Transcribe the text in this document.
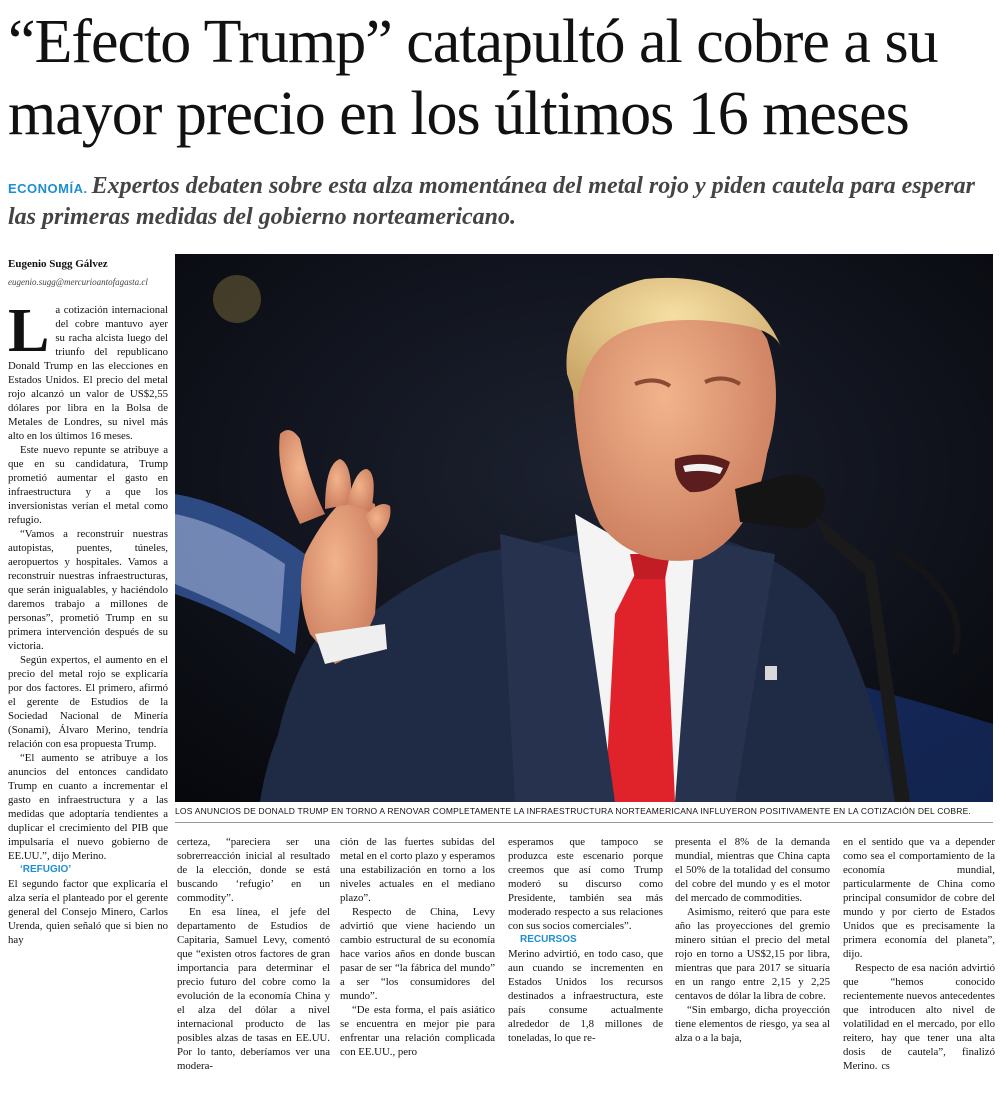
“Efecto Trump” catapultó al cobre a su mayor precio en los últimos 16 meses
ECONOMÍA. Expertos debaten sobre esta alza momentánea del metal rojo y piden cautela para esperar las primeras medidas del gobierno norteamericano.
Eugenio Sugg Gálvez
eugenio.sugg@mercurioantofagasta.cl
LOS ANUNCIOS DE DONALD TRUMP EN TORNO A RENOVAR COMPLETAMENTE LA INFRAESTRUCTURA NORTEAMERICANA INFLUYERON POSITIVAMENTE EN LA COTIZACIÓN DEL COBRE.

La cotización internacional del cobre mantuvo ayer su racha alcista luego del triunfo del republicano Donald Trump en las elecciones en Estados Unidos. El precio del metal rojo alcanzó un valor de US$2,55 dólares por libra en la Bolsa de Metales de Londres, su nivel más alto en los últimos 16 meses.

Este nuevo repunte se atribuye a que en su candidatura, Trump prometió aumentar el gasto en infraestructura y a que los inversionistas verían el metal como refugio.

“Vamos a reconstruir nuestras autopistas, puentes, túneles, aeropuertos y hospitales. Vamos a reconstruir nuestras infraestructuras, que serán inigualables, y haciéndolo daremos trabajo a millones de personas”, prometió Trump en su primera intervención después de su victoria.

Según expertos, el aumento en el precio del metal rojo se explicaría por dos factores. El primero, afirmó el gerente de Estudios de la Sociedad Nacional de Minería (Sonami), Álvaro Merino, tendría relación con esa propuesta Trump.

“El aumento se atribuye a los anuncios del entonces candidato Trump en cuanto a incrementar el gasto en infraestructura y a las medidas que adoptaría tendientes a duplicar el crecimiento del PIB que impulsaría el nuevo gobierno de EE.UU.”, dijo Merino.

‘REFUGIO’

El segundo factor que explicaría el alza sería el planteado por el gerente general del Consejo Minero, Carlos Urenda, quien señaló que si bien no hay

certeza, “pareciera ser una sobrerreacción inicial al resultado de la elección, donde se está buscando ‘refugio’ en un commodity”.

En esa línea, el jefe del departamento de Estudios de Capitaria, Samuel Levy, comentó que “existen otros factores de gran importancia para determinar el precio futuro del cobre como la evolución de la economía China y el alza del dólar a nivel internacional producto de las posibles alzas de tasas en EE.UU. Por lo tanto, deberíamos ver una modera-

ción de las fuertes subidas del metal en el corto plazo y esperamos una estabilización en torno a los niveles actuales en el mediano plazo”.

Respecto de China, Levy advirtió que viene haciendo un cambio estructural de su economía hace varios años en donde buscan pasar de ser “la fábrica del mundo” a ser “los consumidores del mundo”.

“De esta forma, el país asiático se encuentra en mejor pie para enfrentar una relación complicada con EE.UU., pero

esperamos que tampoco se produzca este escenario porque creemos que así como Trump moderó su discurso como Presidente, también sea más moderado respecto a sus relaciones con sus socios comerciales”.

RECURSOS

Merino advirtió, en todo caso, que aun cuando se incrementen en Estados Unidos los recursos destinados a infraestructura, este país consume actualmente alrededor de 1,8 millones de toneladas, lo que re-

presenta el 8% de la demanda mundial, mientras que China capta el 50% de la totalidad del consumo del cobre del mundo y es el motor del mercado de commodities.

Asimismo, reiteró que para este año las proyecciones del gremio minero sitúan el precio del metal rojo en torno a US$2,15 por libra, mientras que para 2017 se situaría en un rango entre 2,15 y 2,25 centavos de dólar la libra de cobre.

“Sin embargo, dicha proyección tiene elementos de riesgo, ya sea al alza o a la baja,

en el sentido que va a depender como sea el comportamiento de la economía mundial, particularmente de China como principal consumidor de cobre del mundo y por cierto de Estados Unidos que es precisamente la primera economía del planeta”, dijo.

Respecto de esa nación advirtió que “hemos conocido recientemente nuevos antecedentes que introducen alto nivel de volatilidad en el mercado, por ello reitero, hay que tener una alta dosis de cautela”, finalizó Merino. cs
